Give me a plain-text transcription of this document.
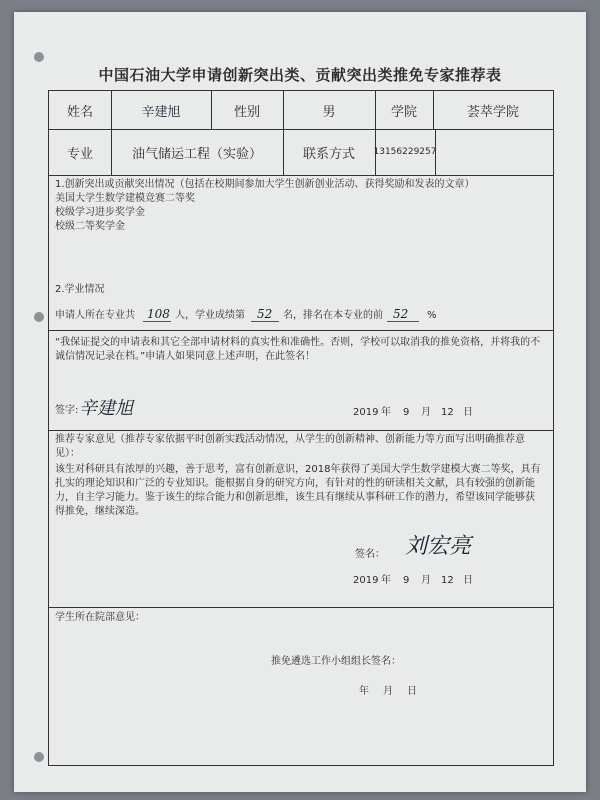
中国石油大学申请创新突出类、贡献突出类推免专家推荐表
姓名	辛建旭	性别	男	学院	荟萃学院
专业	油气储运工程（实验）	联系方式	13156229257
1.创新突出或贡献突出情况（包括在校期间参加大学生创新创业活动、获得奖励和发表的文章）
美国大学生数学建模竞赛二等奖
校级学习进步奖学金
校级二等奖学金
2.学业情况
申请人所在专业共 108 人，学业成绩第 52 名，排名在本专业的前 52 %
“我保证提交的申请表和其它全部申请材料的真实性和准确性。否则，学校可以取消我的推免资格，并将我的不诚信情况记录在档。”申请人如果同意上述声明，在此签名！
签字: 辛建旭	2019 年 9 月 12 日
推荐专家意见（推荐专家依据平时创新实践活动情况，从学生的创新精神、创新能力等方面写出明确推荐意见）：
该生对科研具有浓厚的兴趣，善于思考，富有创新意识，2018年获得了美国大学生数学建模大赛二等奖，具有扎实的理论知识和广泛的专业知识。能根据自身的研究方向，有针对的性的研读相关文献，具有较强的创新能力，自主学习能力。鉴于该生的综合能力和创新思维，该生具有继续从事科研工作的潜力，希望该同学能够获得推免，继续深造。
签名： 刘宏亮
2019 年 9 月 12 日
学生所在院部意见：
推免遴选工作小组组长签名：
年 月 日
